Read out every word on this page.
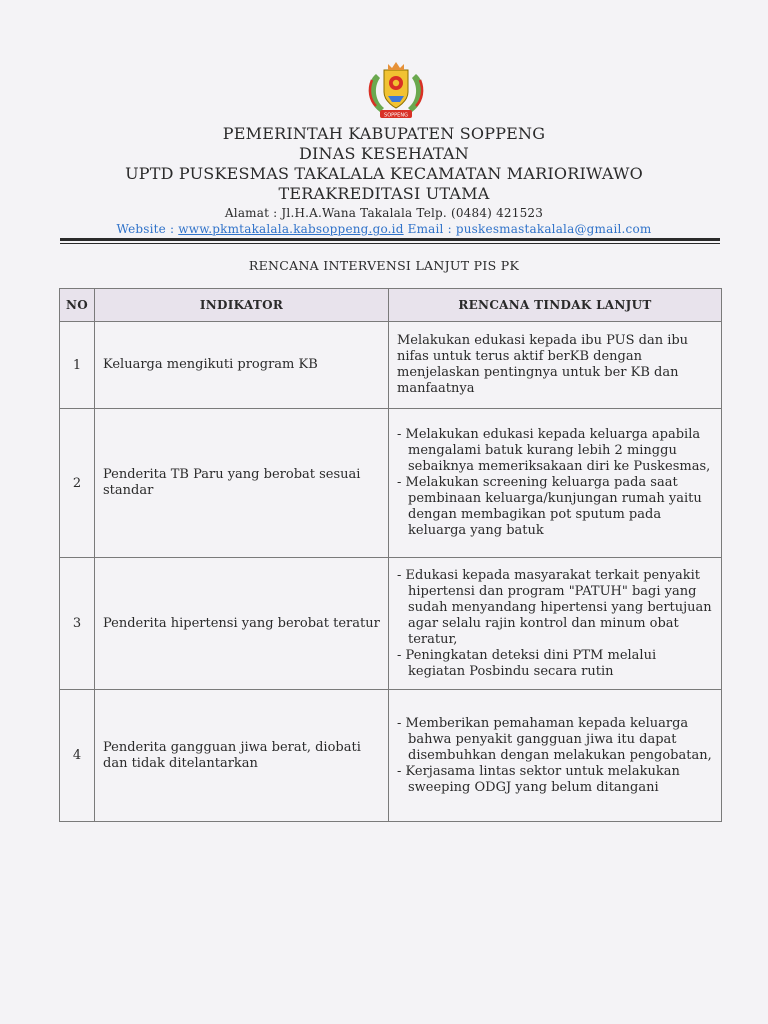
SOPPENG
PEMERINTAH KABUPATEN SOPPENG
DINAS KESEHATAN
UPTD PUSKESMAS TAKALALA KECAMATAN MARIORIWAWO
TERAKREDITASI UTAMA
Alamat : Jl.H.A.Wana Takalala Telp. (0484) 421523
Website : www.pkmtakalala.kabsoppeng.go.id Email : puskesmastakalala@gmail.com
RENCANA INTERVENSI LANJUT PIS PK
NO	INDIKATOR	RENCANA TINDAK LANJUT
1	Keluarga mengikuti program KB	Melakukan edukasi kepada ibu PUS dan ibu nifas untuk terus aktif berKB dengan menjelaskan pentingnya untuk ber KB dan manfaatnya

2	Penderita TB Paru yang berobat sesuai standar	- Melakukan edukasi kepada keluarga apabila mengalami batuk kurang lebih 2 minggu sebaiknya memeriksakaan diri ke Puskesmas,
- Melakukan screening keluarga pada saat pembinaan keluarga/kunjungan rumah yaitu dengan membagikan pot sputum pada keluarga yang batuk

3	Penderita hipertensi yang berobat teratur	- Edukasi kepada masyarakat terkait penyakit hipertensi dan program "PATUH" bagi yang sudah menyandang hipertensi yang bertujuan agar selalu rajin kontrol dan minum obat teratur,
- Peningkatan deteksi dini PTM melalui kegiatan Posbindu secara rutin

4	Penderita gangguan jiwa berat, diobati dan tidak ditelantarkan	- Memberikan pemahaman kepada keluarga bahwa penyakit gangguan jiwa itu dapat disembuhkan dengan melakukan pengobatan,
- Kerjasama lintas sektor untuk melakukan sweeping ODGJ yang belum ditangani
